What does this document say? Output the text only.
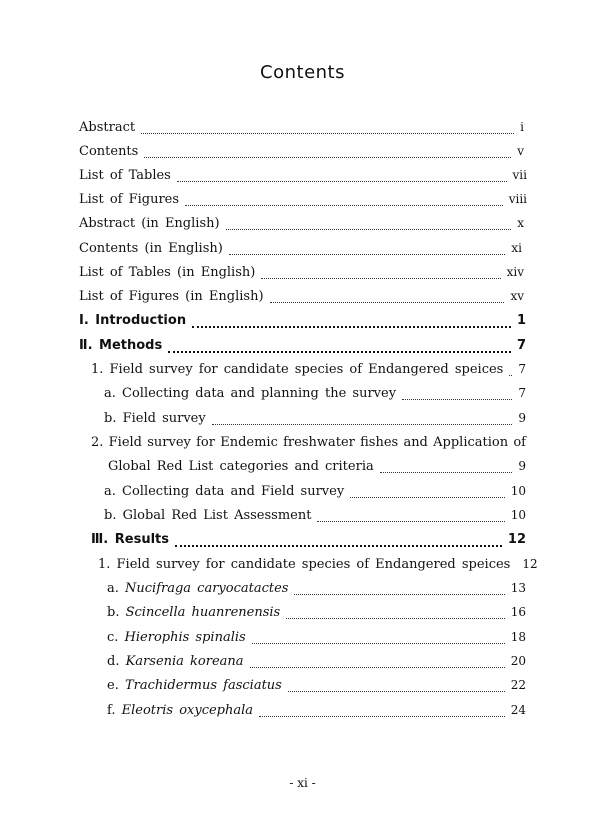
Contents
Abstract	i
Contents	v
List of Tables	vii
List of Figures	viii
Abstract (in English)	x
Contents (in English)	xi
List of Tables (in English)	xiv
List of Figures (in English)	xv
Ⅰ. Introduction	1
Ⅱ. Methods	7
1. Field survey for candidate species of Endangered speices 7
a. Collecting data and planning the survey	7
b. Field survey	9
2. Field survey for Endemic freshwater fishes and Application of
Global Red List categories and criteria	9
a. Collecting data and Field survey	10
b. Global Red List Assessment	10
Ⅲ. Results	12
1. Field survey for candidate species of Endangered speices 12
a. Nucifraga caryocatactes	13
b. Scincella huanrenensis	16
c. Hierophis spinalis	18
d. Karsenia koreana	20
e. Trachidermus fasciatus	22
f. Eleotris oxycephala	24
- xi -
